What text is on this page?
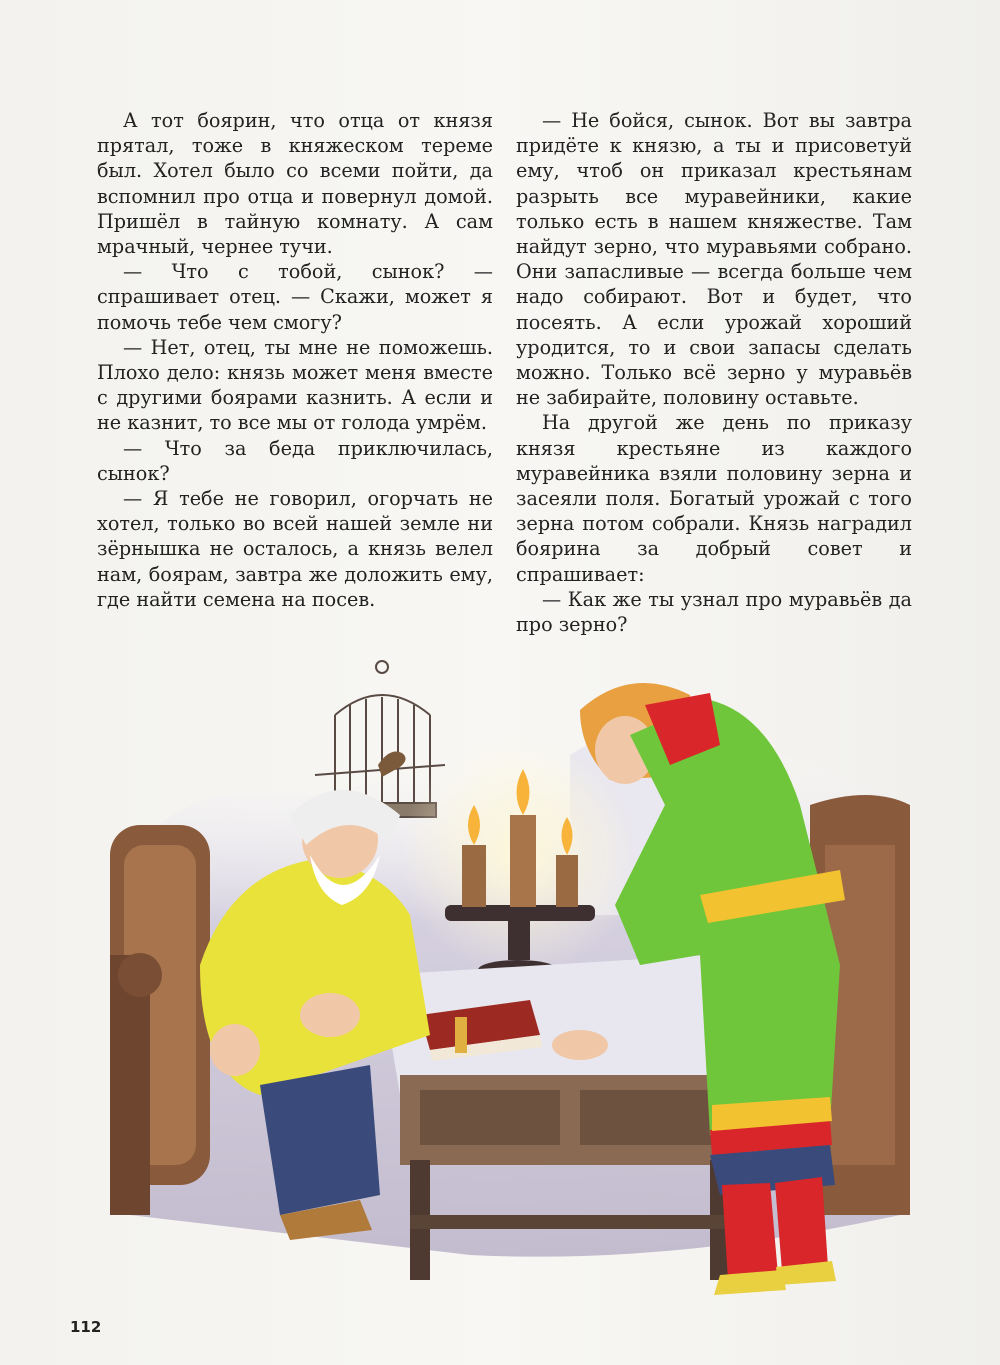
А тот боярин, что отца от князя прятал, тоже в княжеском тереме был. Хотел было со всеми пойти, да вспомнил про отца и повернул домой. Пришёл в тайную комнату. А сам мрачный, чернее тучи.

— Что с тобой, сынок? — спрашивает отец. — Скажи, может я помочь тебе чем смогу?

— Нет, отец, ты мне не поможешь. Плохо дело: князь может меня вместе с другими боярами казнить. А если и не казнит, то все мы от голода умрём.

— Что за беда приключилась, сынок?

— Я тебе не говорил, огорчать не хотел, только во всей нашей земле ни зёрнышка не осталось, а князь велел нам, боярам, завтра же доложить ему, где найти семена на посев.

— Не бойся, сынок. Вот вы завтра придёте к князю, а ты и присоветуй ему, чтоб он приказал крестьянам разрыть все муравейники, какие только есть в нашем княжестве. Там найдут зерно, что муравьями собрано. Они запасливые — всегда больше чем надо собирают. Вот и будет, что посеять. А если урожай хороший уродится, то и свои запасы сделать можно. Только всё зерно у муравьёв не забирайте, половину оставьте.

На другой же день по приказу князя крестьяне из каждого муравейника взяли половину зерна и засеяли поля. Богатый урожай с того зерна потом собрали. Князь наградил боярина за добрый совет и спрашивает:

— Как же ты узнал про муравьёв да про зерно?

112
